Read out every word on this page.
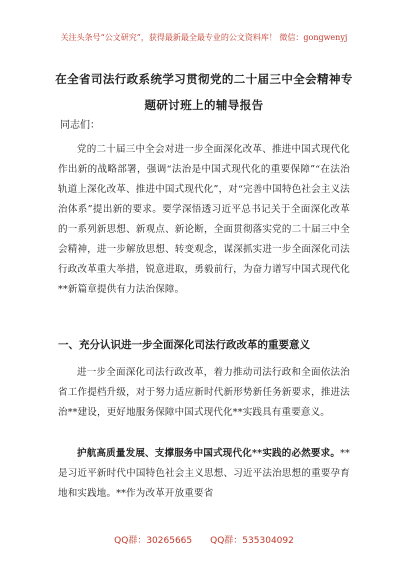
关注头条号“公文研究”，获得最新最全最专业的公文资料库！ 微信：gongwenyj
在全省司法行政系统学习贯彻党的二十届三中全会精神专题研讨班上的辅导报告
同志们：

党的二十届三中全会对进一步全面深化改革、推进中国式现代化作出新的战略部署，强调“法治是中国式现代化的重要保障”“在法治轨道上深化改革、推进中国式现代化”，对“完善中国特色社会主义法治体系”提出新的要求。要学深悟透习近平总书记关于全面深化改革的一系列新思想、新观点、新论断，全面贯彻落实党的二十届三中全会精神，进一步解放思想、转变观念，谋深抓实进一步全面深化司法行政改革重大举措，锐意进取，勇毅前行，为奋力谱写中国式现代化**新篇章提供有力法治保障。

一、充分认识进一步全面深化司法行政改革的重要意义

进一步全面深化司法行政改革，着力推动司法行政和全面依法治省工作提档升级，对于努力适应新时代新形势新任务新要求，推进法治**建设，更好地服务保障中国式现代化**实践具有重要意义。

护航高质量发展、支撑服务中国式现代化**实践的必然要求。**是习近平新时代中国特色社会主义思想、习近平法治思想的重要孕育地和实践地。**作为改革开放重要省

QQ群：30265665 QQ群：535304092
